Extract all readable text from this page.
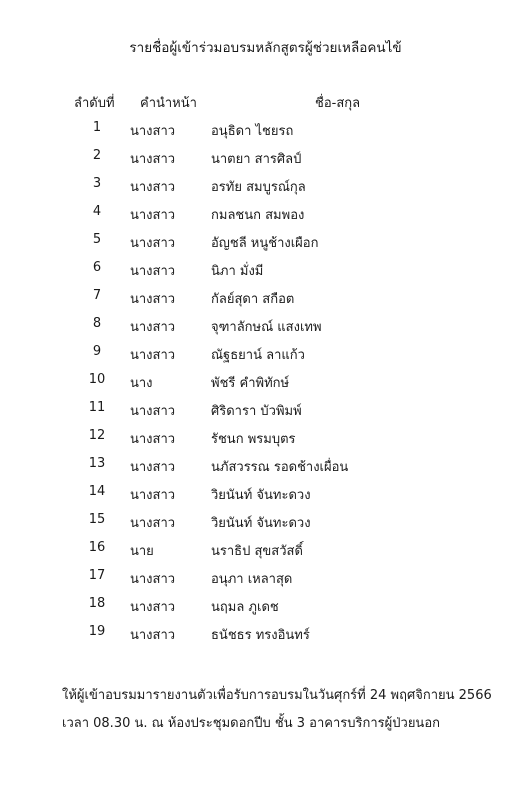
รายชื่อผู้เข้าร่วมอบรมหลักสูตรผู้ช่วยเหลือคนไข้
ลำดับที่ คำนำหน้า	ชื่อ-สกุล
1	นางสาว	อนุธิดา ไชยรถ
2	นางสาว	นาตยา สารศิลป์
3	นางสาว	อรทัย สมบูรณ์กุล
4	นางสาว	กมลชนก สมพอง
5	นางสาว	อัญชลี หนูช้างเผือก
6	นางสาว	นิภา มั่งมี
7	นางสาว	กัลย์สุดา สกือต
8	นางสาว	จุฑาลักษณ์ แสงเทพ
9	นางสาว	ณัฐธยาน์ ลาแก้ว
10	นาง	พัชรี คำพิทักษ์
11	นางสาว	ศิริดารา บัวพิมพ์
12	นางสาว	รัชนก พรมบุตร
13	นางสาว	นภัสวรรณ รอดช้างเผื่อน
14	นางสาว	วิยนันท์ จันทะดวง
15	นางสาว	วิยนันท์ จันทะดวง
16	นาย	นราธิป สุขสวัสดิ์
17	นางสาว	อนุภา เหลาสุด
18	นางสาว	นฤมล ภูเดช
19	นางสาว	ธนัชธร ทรงอินทร์
ให้ผู้เข้าอบรมมารายงานตัวเพื่อรับการอบรมในวันศุกร์ที่ 24 พฤศจิกายน 2566
เวลา 08.30 น. ณ ห้องประชุมดอกปีบ ชั้น 3 อาคารบริการผู้ป่วยนอก
